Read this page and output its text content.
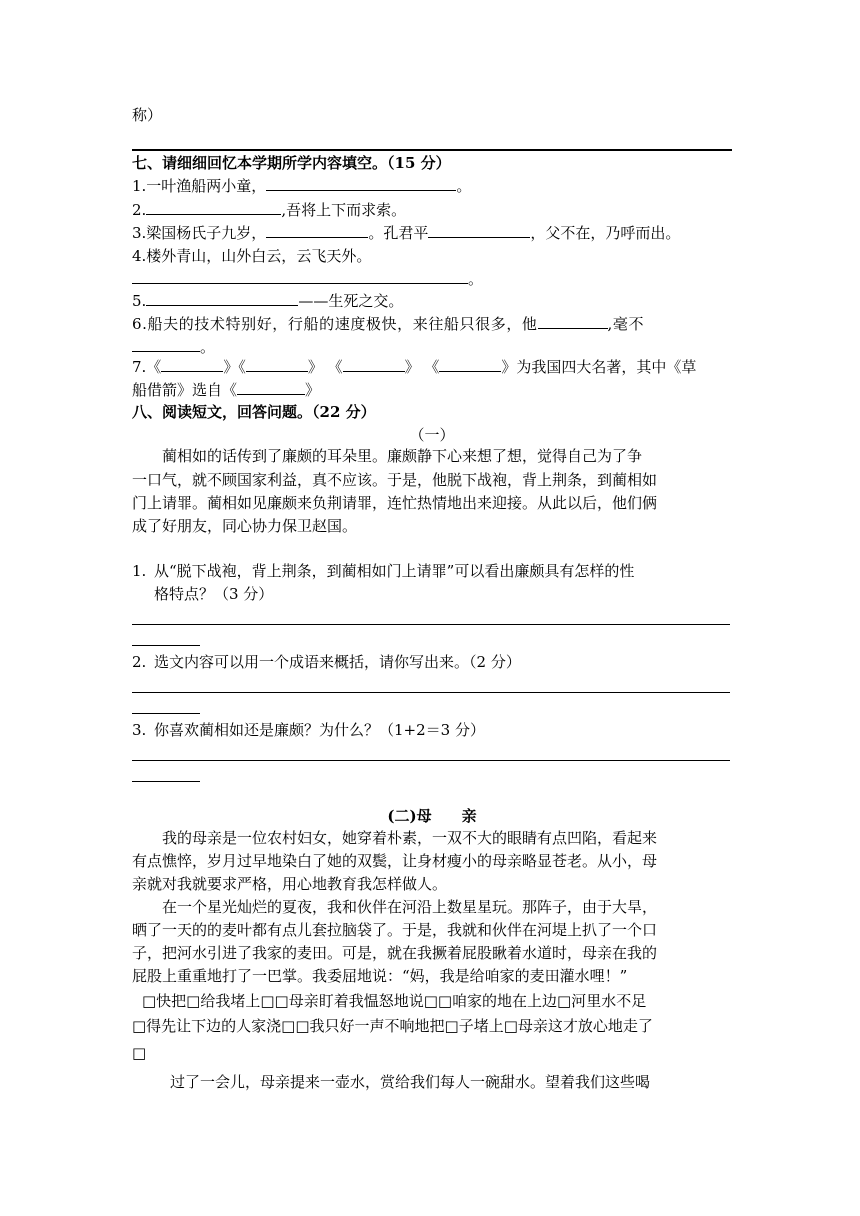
称）
七、请细细回忆本学期所学内容填空。（15 分）
1.一叶渔船两小童，	。
2.	,吾将上下而求索。
3.梁国杨氏子九岁，	。孔君平	，父不在，乃呼而出。
4.楼外青山，山外白云，云飞天外。
。
5.	——生死之交。
6.船夫的技术特别好，行船的速度极快，来往船只很多，他	,毫不
。
7.《	》《	》 《	》 《	》为我国四大名著，其中《草
船借箭》选自《	》
八、阅读短文，回答问题。（22 分）
（一）
蔺相如的话传到了廉颇的耳朵里。廉颇静下心来想了想，觉得自己为了争
一口气，就不顾国家利益，真不应该。于是，他脱下战袍，背上荆条，到蔺相如
门上请罪。蔺相如见廉颇来负荆请罪，连忙热情地出来迎接。从此以后，他们俩
成了好朋友，同心协力保卫赵国。
1. 从“脱下战袍，背上荆条，到蔺相如门上请罪”可以看出廉颇具有怎样的性
格特点？（3 分）
2. 选文内容可以用一个成语来概括，请你写出来。（2 分）
3. 你喜欢蔺相如还是廉颇？为什么？（1+2＝3 分）
(二)母　　亲
我的母亲是一位农村妇女，她穿着朴素，一双不大的眼睛有点凹陷，看起来
有点憔悴，岁月过早地染白了她的双鬓，让身材瘦小的母亲略显苍老。从小，母
亲就对我就要求严格，用心地教育我怎样做人。
在一个星光灿烂的夏夜，我和伙伴在河沿上数星星玩。那阵子，由于大旱，
晒了一天的的麦叶都有点儿套拉脑袋了。于是，我就和伙伴在河堤上扒了一个口
子，把河水引进了我家的麦田。可是，就在我撅着屁股瞅着水道时，母亲在我的
屁股上重重地打了一巴掌。我委屈地说：“妈，我是给咱家的麦田灌水哩！”
□快把□给我堵上□□母亲盯着我愠怒地说□□咱家的地在上边□河里水不足
□得先让下边的人家浇□□我只好一声不响地把□子堵上□母亲这才放心地走了
□
过了一会儿，母亲提来一壶水，赏给我们每人一碗甜水。望着我们这些喝
